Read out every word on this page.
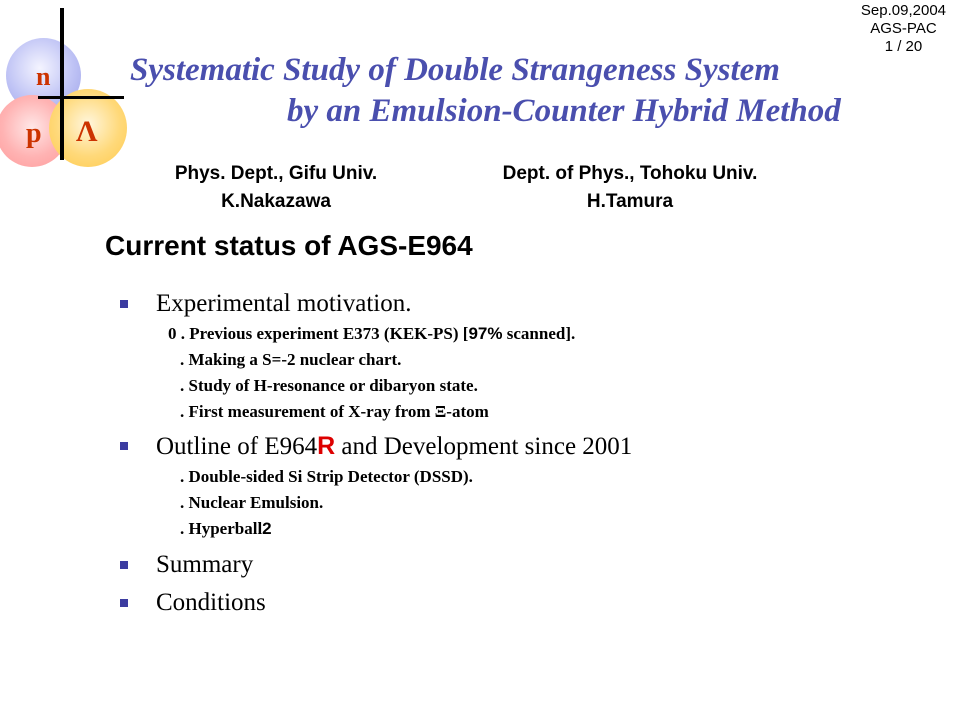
n
p Λ
Sep.09,2004
AGS-PAC
1 / 20
Systematic Study of Double Strangeness System
by an Emulsion-Counter Hybrid Method
Phys. Dept., Gifu Univ.
K.Nakazawa
Dept. of Phys., Tohoku Univ.
H.Tamura
Current status of AGS-E964
Experimental motivation.
0 . Previous experiment E373 (KEK-PS) [97% scanned].
. Making a S=-2 nuclear chart.
. Study of H-resonance or dibaryon state.
. First measurement of X-ray from Ξ-atom
Outline of E964R and Development since 2001
. Double-sided Si Strip Detector (DSSD).
. Nuclear Emulsion.
. Hyperball2
Summary
Conditions
